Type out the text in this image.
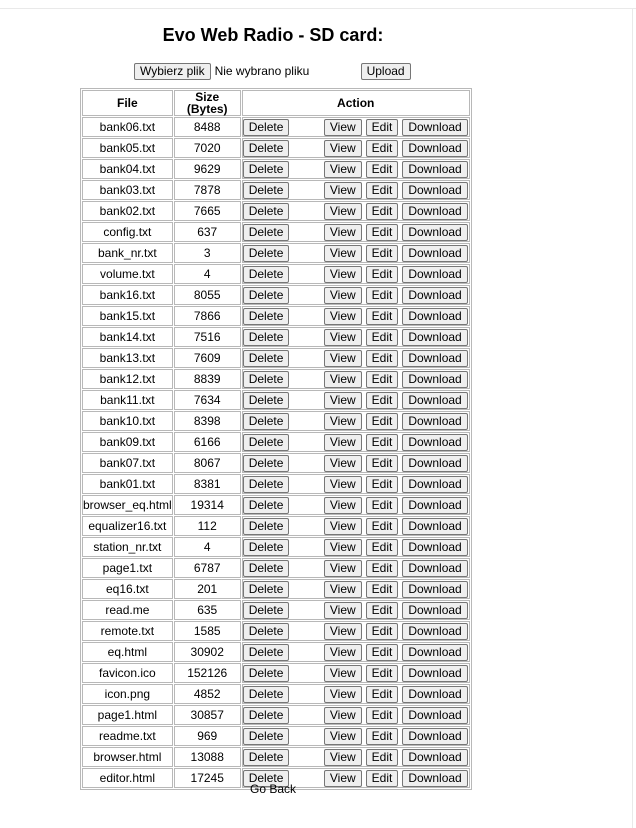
Evo Web Radio - SD card:
Wybierz plik Nie wybrano pliku	Upload
File	Size (Bytes)	Action
bank06.txt	8488	Delete View Edit Download

bank05.txt	7020	Delete View Edit Download

bank04.txt	9629	Delete View Edit Download

bank03.txt	7878	Delete View Edit Download

bank02.txt	7665	Delete View Edit Download

config.txt	637	Delete View Edit Download

bank_nr.txt	3	Delete View Edit Download

volume.txt	4	Delete View Edit Download

bank16.txt	8055	Delete View Edit Download

bank15.txt	7866	Delete View Edit Download

bank14.txt	7516	Delete View Edit Download

bank13.txt	7609	Delete View Edit Download

bank12.txt	8839	Delete View Edit Download

bank11.txt	7634	Delete View Edit Download

bank10.txt	8398	Delete View Edit Download

bank09.txt	6166	Delete View Edit Download

bank07.txt	8067	Delete View Edit Download

bank01.txt	8381	Delete View Edit Download

browser_eq.html	19314	Delete View Edit Download

equalizer16.txt	112	Delete View Edit Download

station_nr.txt	4	Delete View Edit Download

page1.txt	6787	Delete View Edit Download

eq16.txt	201	Delete View Edit Download

read.me	635	Delete View Edit Download

remote.txt	1585	Delete View Edit Download

eq.html	30902	Delete View Edit Download

favicon.ico	152126	Delete View Edit Download

icon.png	4852	Delete View Edit Download

page1.html	30857	Delete View Edit Download

readme.txt	969	Delete View Edit Download

browser.html	13088	Delete View Edit Download

editor.html	17245	Delete View Edit Download
Go Back
